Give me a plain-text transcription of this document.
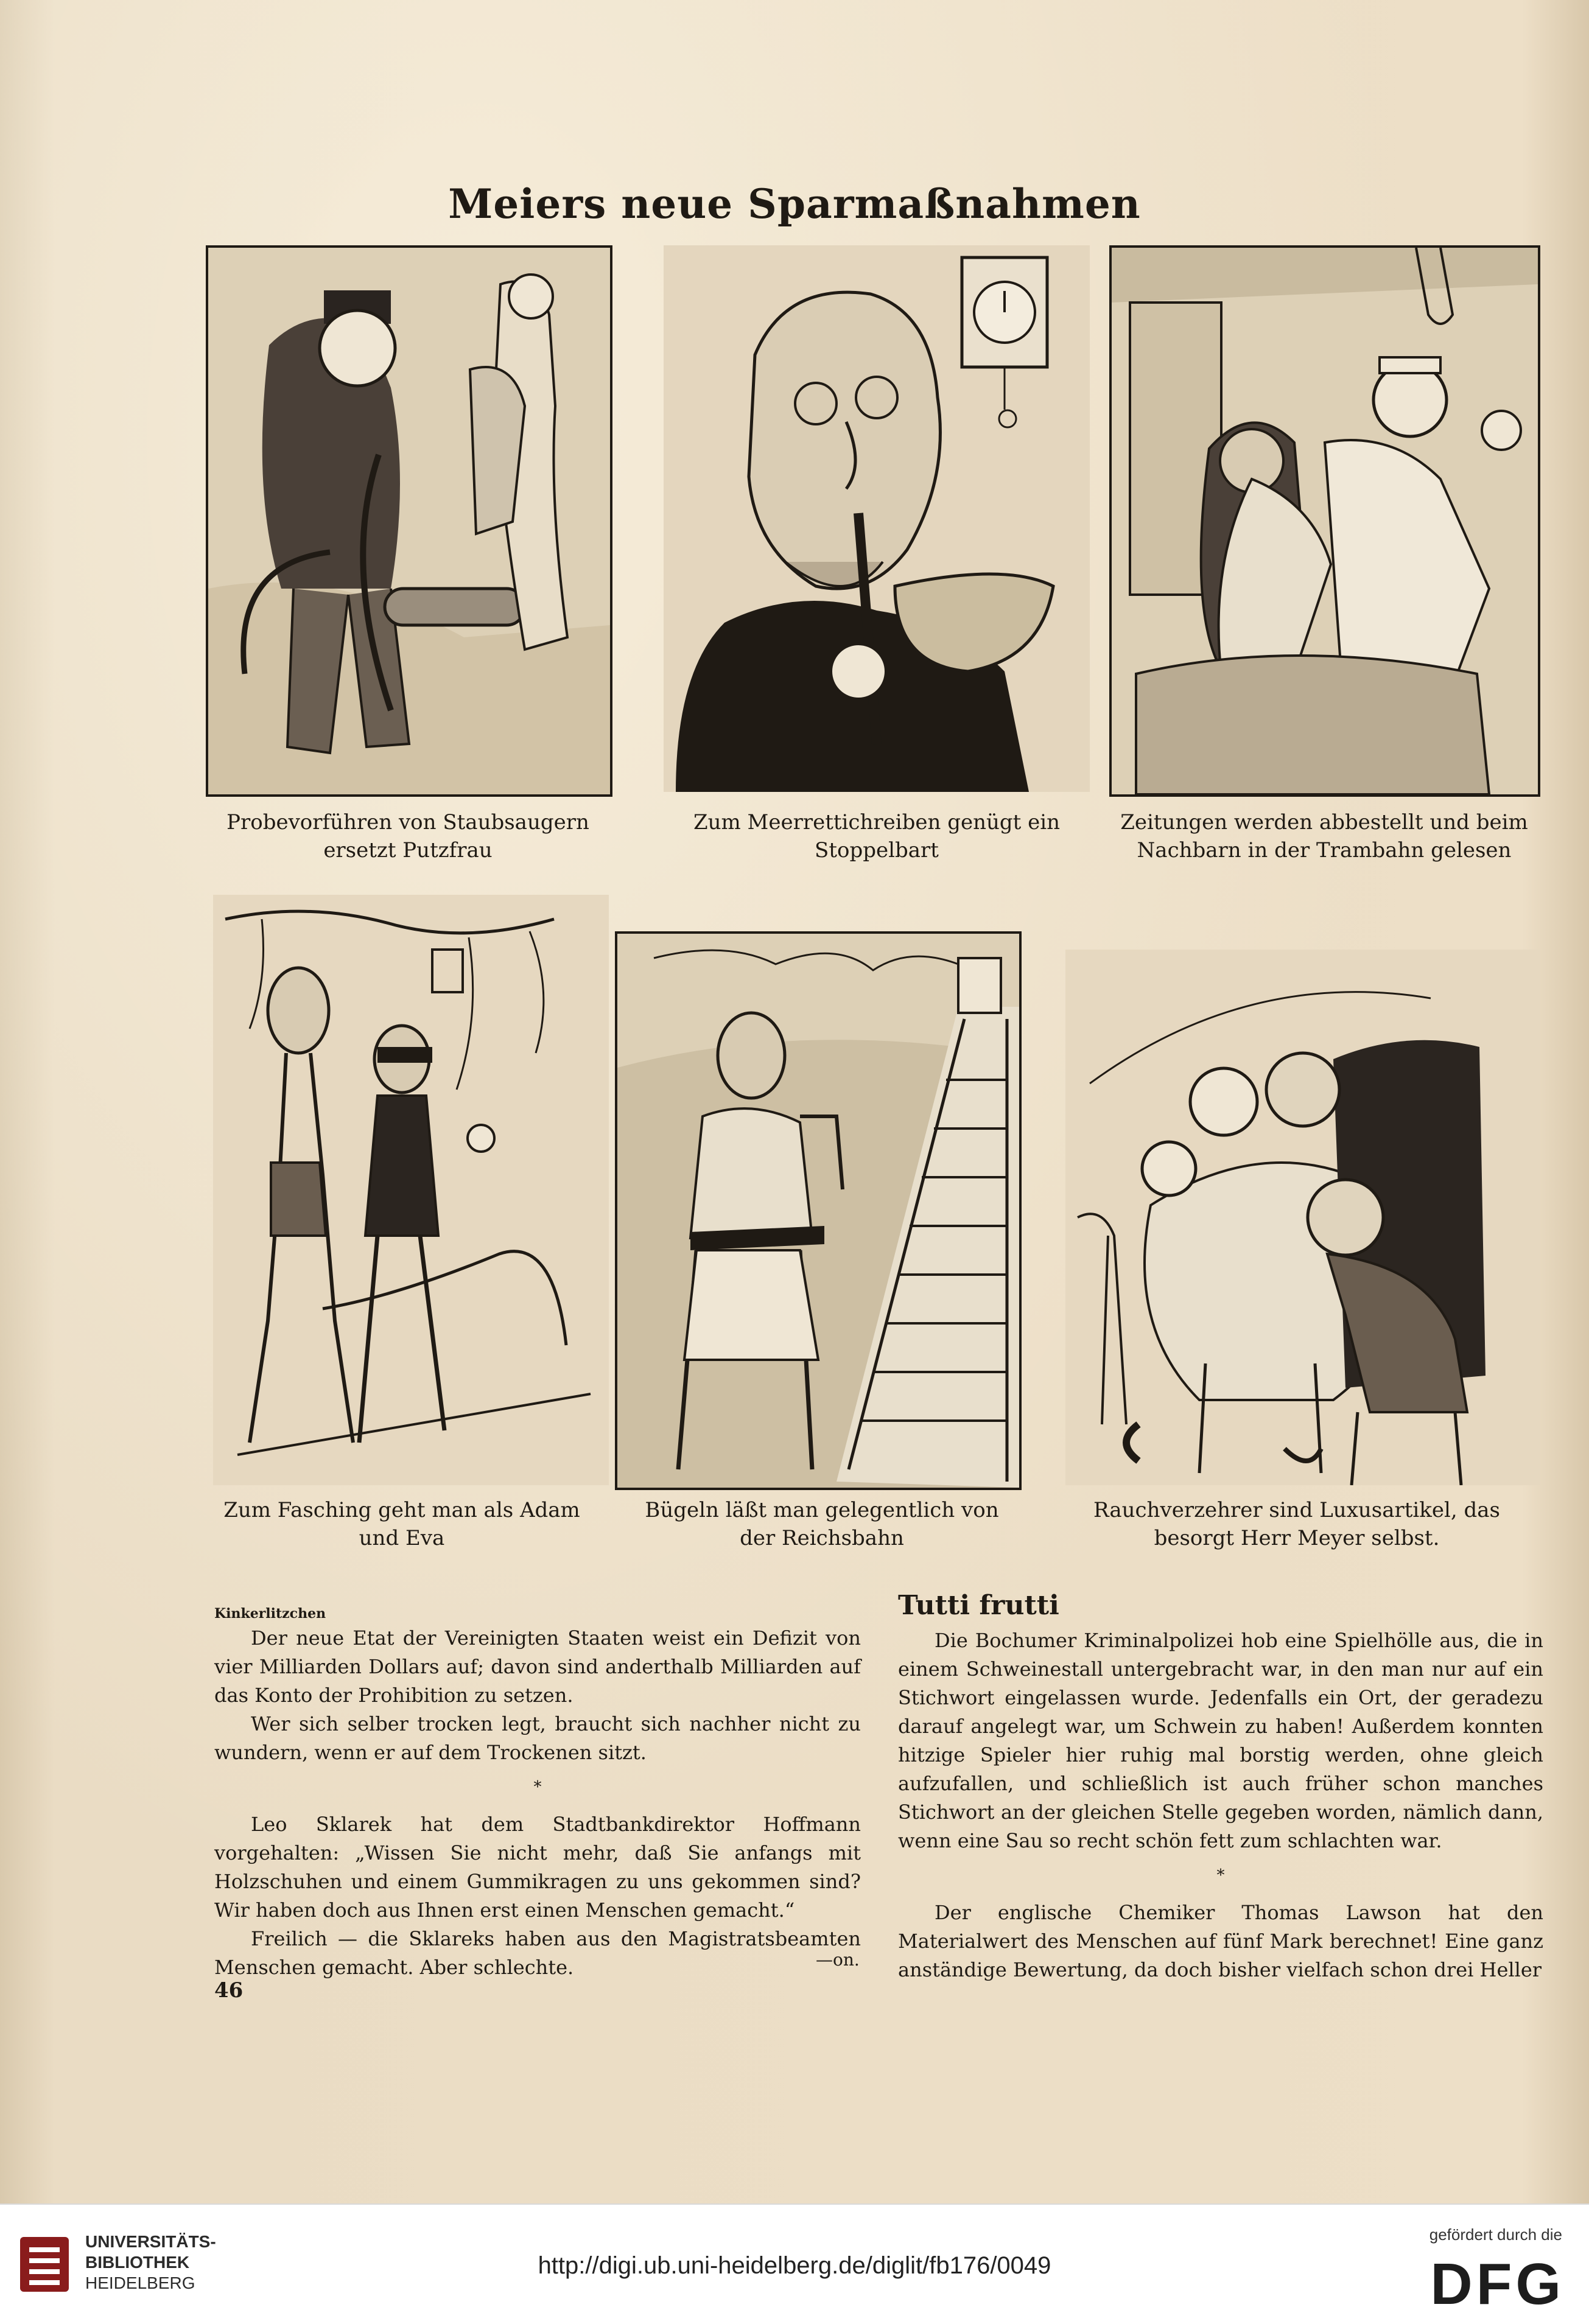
Meiers neue Sparmaßnahmen
Probevorführen von Staubsaugern ersetzt Putzfrau
Zum Meerrettichreiben genügt ein Stoppelbart
Zeitungen werden abbestellt und beim Nachbarn in der Trambahn gelesen
Zum Fasching geht man als Adam und Eva
Bügeln läßt man gelegentlich von der Reichsbahn
Rauchverzehrer sind Luxusartikel, das besorgt Herr Meyer selbst.
Kinkerlitzchen

Der neue Etat der Vereinigten Staaten weist ein Defizit von vier Milliarden Dollars auf; davon sind anderthalb Milliarden auf das Konto der Prohibition zu setzen.

Wer sich selber trocken legt, braucht sich nachher nicht zu wundern, wenn er auf dem Trockenen sitzt.

*

Leo Sklarek hat dem Stadtbankdirektor Hoffmann vorgehalten: „Wissen Sie nicht mehr, daß Sie anfangs mit Holzschuhen und einem Gummikragen zu uns gekommen sind? Wir haben doch aus Ihnen erst einen Menschen gemacht.“

Freilich — die Sklareks haben aus den Magistratsbeamten Menschen gemacht. Aber schlechte.	—on.
Tutti frutti

Die Bochumer Kriminalpolizei hob eine Spielhölle aus, die in einem Schweinestall untergebracht war, in den man nur auf ein Stichwort eingelassen wurde. Jedenfalls ein Ort, der geradezu darauf angelegt war, um Schwein zu haben! Außerdem konnten hitzige Spieler hier ruhig mal borstig werden, ohne gleich aufzufallen, und schließlich ist auch früher schon manches Stichwort an der gleichen Stelle gegeben worden, nämlich dann, wenn eine Sau so recht schön fett zum schlachten war.

*

Der englische Chemiker Thomas Lawson hat den Materialwert des Menschen auf fünf Mark berechnet! Eine ganz anständige Bewertung, da doch bisher vielfach schon drei Heller

46
UNIVERSITÄTS-
BIBLIOTHEK
HEIDELBERG
http://digi.ub.uni-heidelberg.de/diglit/fb176/0049
gefördert durch die
DFG
